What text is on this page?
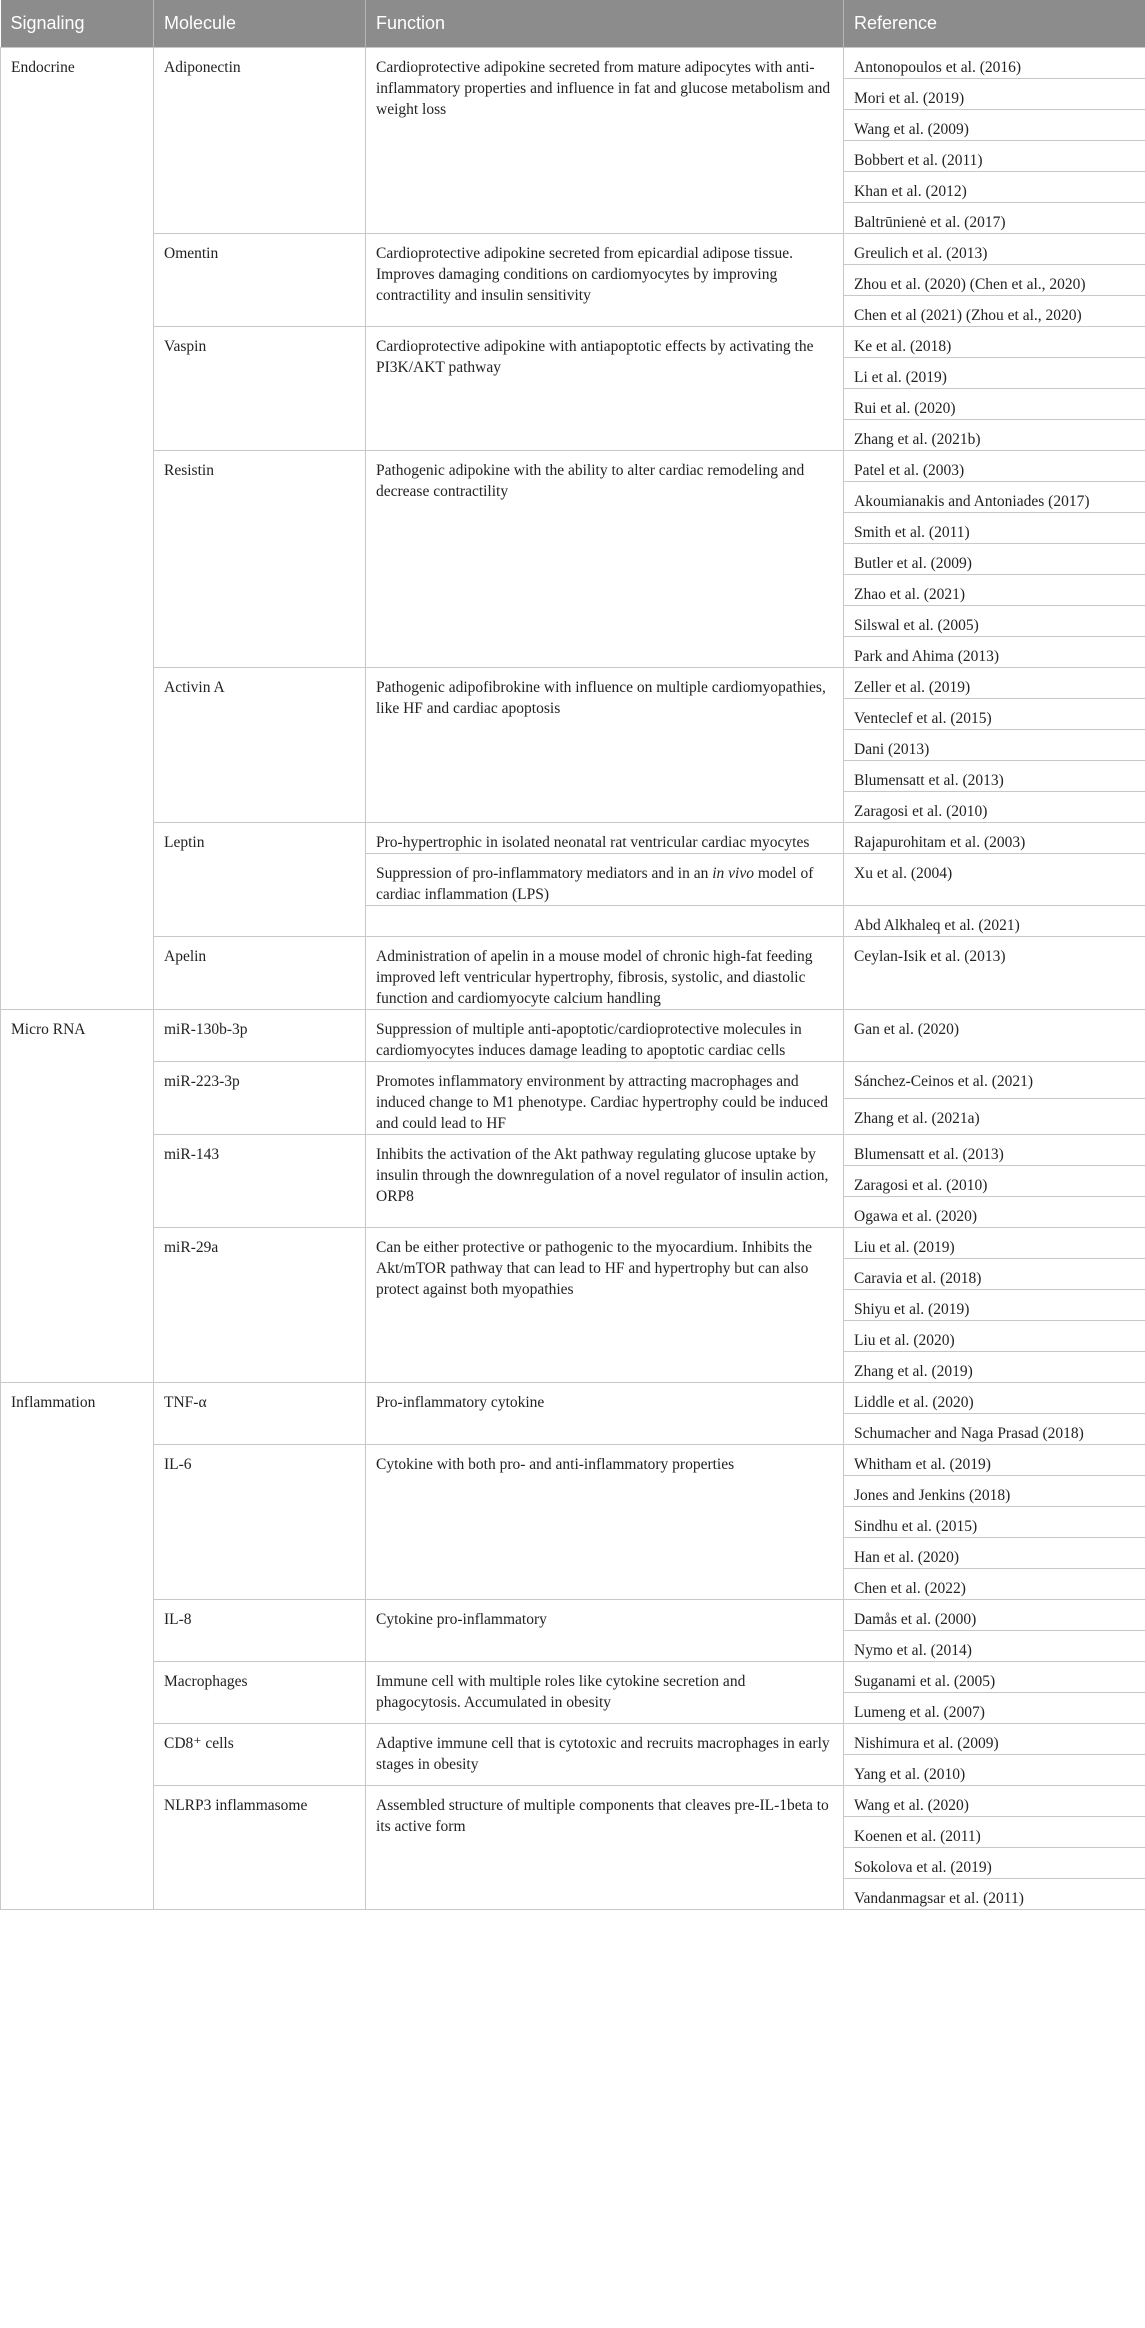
Signaling	Molecule	Function	Reference
Endocrine	Adiponectin	Cardioprotective adipokine secreted from mature adipocytes with anti-inflammatory properties and influence in fat and glucose metabolism and weight loss	Antonopoulos et al. (2016)
			Mori et al. (2019)
			Wang et al. (2009)
			Bobbert et al. (2011)
			Khan et al. (2012)
			Baltrūnienė et al. (2017)
	Omentin	Cardioprotective adipokine secreted from epicardial adipose tissue. Improves damaging conditions on cardiomyocytes by improving contractility and insulin sensitivity	Greulich et al. (2013)
			Zhou et al. (2020) (Chen et al., 2020)
			Chen et al (2021) (Zhou et al., 2020)
	Vaspin	Cardioprotective adipokine with antiapoptotic effects by activating the PI3K/AKT pathway	Ke et al. (2018)
			Li et al. (2019)
			Rui et al. (2020)
			Zhang et al. (2021b)
	Resistin	Pathogenic adipokine with the ability to alter cardiac remodeling and decrease contractility	Patel et al. (2003)
			Akoumianakis and Antoniades (2017)
			Smith et al. (2011)
			Butler et al. (2009)
			Zhao et al. (2021)
			Silswal et al. (2005)
			Park and Ahima (2013)
	Activin A	Pathogenic adipofibrokine with influence on multiple cardiomyopathies, like HF and cardiac apoptosis	Zeller et al. (2019)
			Venteclef et al. (2015)
			Dani (2013)
			Blumensatt et al. (2013)
			Zaragosi et al. (2010)
	Leptin	Pro-hypertrophic in isolated neonatal rat ventricular cardiac myocytes	Rajapurohitam et al. (2003)
		Suppression of pro-inflammatory mediators and in an in vivo model of cardiac inflammation (LPS)	Xu et al. (2004)
			Abd Alkhaleq et al. (2021)
	Apelin	Administration of apelin in a mouse model of chronic high-fat feeding improved left ventricular hypertrophy, fibrosis, systolic, and diastolic function and cardiomyocyte calcium handling	Ceylan-Isik et al. (2013)
Micro RNA	miR-130b-3p	Suppression of multiple anti-apoptotic/cardioprotective molecules in cardiomyocytes induces damage leading to apoptotic cardiac cells	Gan et al. (2020)
	miR-223-3p	Promotes inflammatory environment by attracting macrophages and induced change to M1 phenotype. Cardiac hypertrophy could be induced and could lead to HF	Sánchez-Ceinos et al. (2021)
			Zhang et al. (2021a)
	miR-143	Inhibits the activation of the Akt pathway regulating glucose uptake by insulin through the downregulation of a novel regulator of insulin action, ORP8	Blumensatt et al. (2013)
			Zaragosi et al. (2010)
			Ogawa et al. (2020)
	miR-29a	Can be either protective or pathogenic to the myocardium. Inhibits the Akt/mTOR pathway that can lead to HF and hypertrophy but can also protect against both myopathies	Liu et al. (2019)
			Caravia et al. (2018)
			Shiyu et al. (2019)
			Liu et al. (2020)
			Zhang et al. (2019)
Inflammation	TNF-α	Pro-inflammatory cytokine	Liddle et al. (2020)
			Schumacher and Naga Prasad (2018)
	IL-6	Cytokine with both pro- and anti-inflammatory properties	Whitham et al. (2019)
			Jones and Jenkins (2018)
			Sindhu et al. (2015)
			Han et al. (2020)
			Chen et al. (2022)
	IL-8	Cytokine pro-inflammatory	Damås et al. (2000)
			Nymo et al. (2014)
	Macrophages	Immune cell with multiple roles like cytokine secretion and phagocytosis. Accumulated in obesity	Suganami et al. (2005)
			Lumeng et al. (2007)
	CD8⁺ cells	Adaptive immune cell that is cytotoxic and recruits macrophages in early stages in obesity	Nishimura et al. (2009)
			Yang et al. (2010)
	NLRP3 inflammasome	Assembled structure of multiple components that cleaves pre-IL-1beta to its active form	Wang et al. (2020)
			Koenen et al. (2011)
			Sokolova et al. (2019)
			Vandanmagsar et al. (2011)
